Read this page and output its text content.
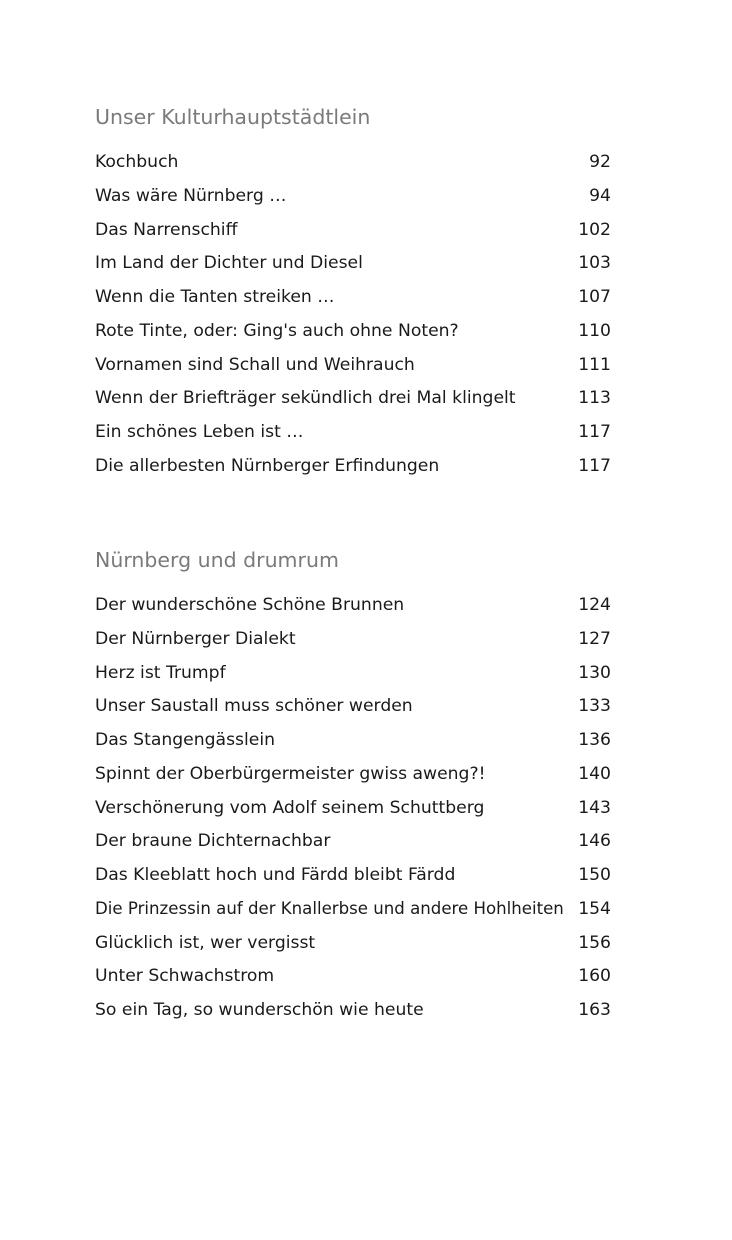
Unser Kulturhauptstädtlein
Kochbuch	92
Was wäre Nürnberg …	94
Das Narrenschiff	102
Im Land der Dichter und Diesel	103
Wenn die Tanten streiken …	107
Rote Tinte, oder: Ging's auch ohne Noten?	110
Vornamen sind Schall und Weihrauch	111
Wenn der Briefträger sekündlich drei Mal klingelt	113
Ein schönes Leben ist …	117
Die allerbesten Nürnberger Erfindungen	117
Nürnberg und drumrum
Der wunderschöne Schöne Brunnen	124
Der Nürnberger Dialekt	127
Herz ist Trumpf	130
Unser Saustall muss schöner werden	133
Das Stangengässlein	136
Spinnt der Oberbürgermeister gwiss aweng?!	140
Verschönerung vom Adolf seinem Schuttberg	143
Der braune Dichternachbar	146
Das Kleeblatt hoch und Färdd bleibt Färdd	150
Die Prinzessin auf der Knallerbse und andere Hohlheiten 154
Glücklich ist, wer vergisst	156
Unter Schwachstrom	160
So ein Tag, so wunderschön wie heute	163
